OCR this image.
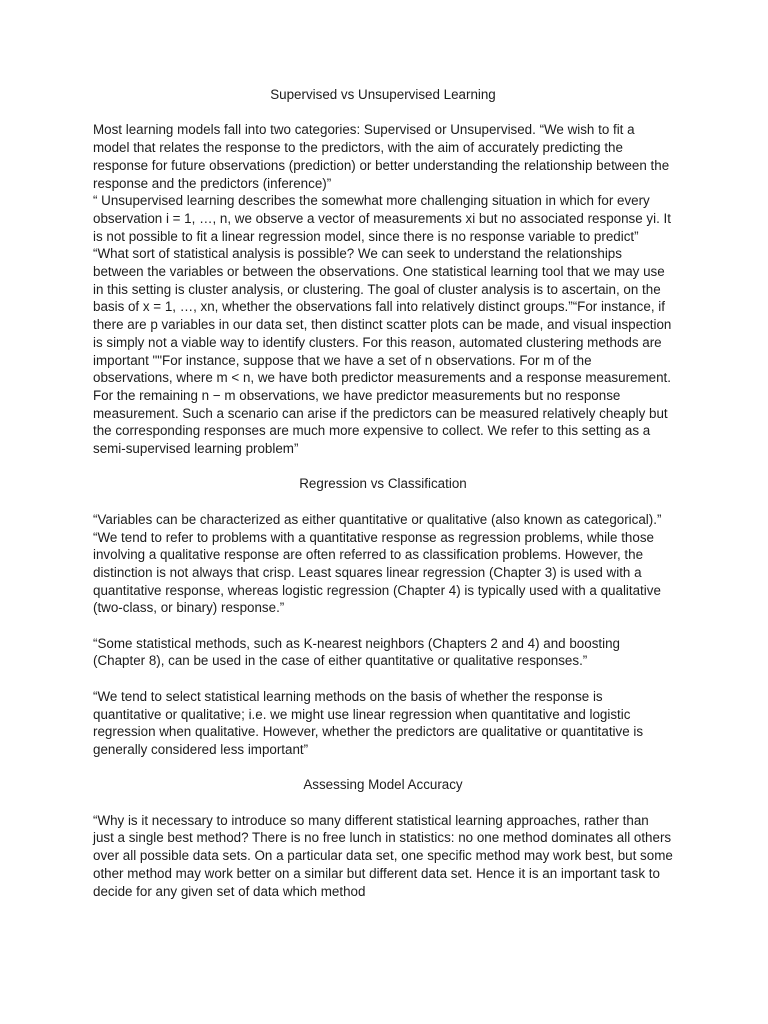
Supervised vs Unsupervised Learning

Most learning models fall into two categories: Supervised or Unsupervised. “We wish to fit a model that relates the response to the predictors, with the aim of accurately predicting the response for future observations (prediction) or better understanding the relationship between the response and the predictors (inference)”

“ Unsupervised learning describes the somewhat more challenging situation in which for every observation i = 1, …, n, we observe a vector of measurements xi but no associated response yi. It is not possible to fit a linear regression model, since there is no response variable to predict” “What sort of statistical analysis is possible? We can seek to understand the relationships between the variables or between the observations. One statistical learning tool that we may use in this setting is cluster analysis, or clustering. The goal of cluster analysis is to ascertain, on the basis of x = 1, …, xn, whether the observations fall into relatively distinct groups.”“For instance, if there are p variables in our data set, then distinct scatter plots can be made, and visual inspection is simply not a viable way to identify clusters. For this reason, automated clustering methods are important ""For instance, suppose that we have a set of n observations. For m of the observations, where m < n, we have both predictor measurements and a response measurement. For the remaining n − m observations, we have predictor measurements but no response measurement. Such a scenario can arise if the predictors can be measured relatively cheaply but the corresponding responses are much more expensive to collect. We refer to this setting as a semi-supervised learning problem”

Regression vs Classification

“Variables can be characterized as either quantitative or qualitative (also known as categorical).”

“We tend to refer to problems with a quantitative response as regression problems, while those involving a qualitative response are often referred to as classification problems. However, the distinction is not always that crisp. Least squares linear regression (Chapter 3) is used with a quantitative response, whereas logistic regression (Chapter 4) is typically used with a qualitative (two-class, or binary) response.”

“Some statistical methods, such as K-nearest neighbors (Chapters 2 and 4) and boosting (Chapter 8), can be used in the case of either quantitative or qualitative responses.”

“We tend to select statistical learning methods on the basis of whether the response is quantitative or qualitative; i.e. we might use linear regression when quantitative and logistic regression when qualitative. However, whether the predictors are qualitative or quantitative is generally considered less important”

Assessing Model Accuracy

“Why is it necessary to introduce so many different statistical learning approaches, rather than just a single best method? There is no free lunch in statistics: no one method dominates all others over all possible data sets. On a particular data set, one specific method may work best, but some other method may work better on a similar but different data set. Hence it is an important task to decide for any given set of data which method
